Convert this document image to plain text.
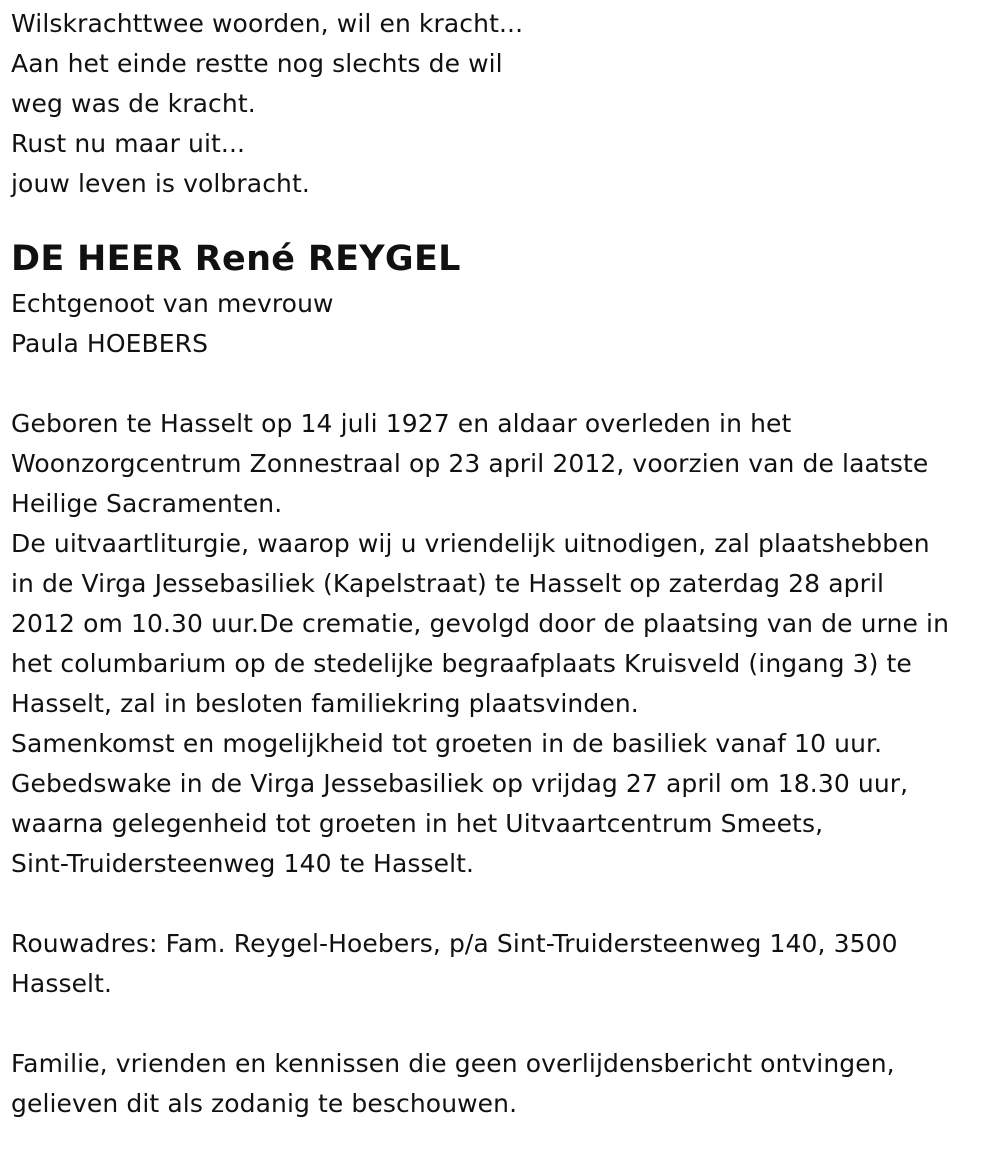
Wilskrachttwee woorden, wil en kracht...
Aan het einde restte nog slechts de wil
weg was de kracht.
Rust nu maar uit...
jouw leven is volbracht.
DE HEER René REYGEL
Echtgenoot van mevrouw
Paula HOEBERS
Geboren te Hasselt op 14 juli 1927 en aldaar overleden in het
Woonzorgcentrum Zonnestraal op 23 april 2012, voorzien van de laatste
Heilige Sacramenten.
De uitvaartliturgie, waarop wij u vriendelijk uitnodigen, zal plaatshebben
in de Virga Jessebasiliek (Kapelstraat) te Hasselt op zaterdag 28 april
2012 om 10.30 uur.De crematie, gevolgd door de plaatsing van de urne in
het columbarium op de stedelijke begraafplaats Kruisveld (ingang 3) te
Hasselt, zal in besloten familiekring plaatsvinden.
Samenkomst en mogelijkheid tot groeten in de basiliek vanaf 10 uur.
Gebedswake in de Virga Jessebasiliek op vrijdag 27 april om 18.30 uur,
waarna gelegenheid tot groeten in het Uitvaartcentrum Smeets,
Sint-Truidersteenweg 140 te Hasselt.
Rouwadres: Fam. Reygel-Hoebers, p/a Sint-Truidersteenweg 140, 3500
Hasselt.
Familie, vrienden en kennissen die geen overlijdensbericht ontvingen,
gelieven dit als zodanig te beschouwen.
